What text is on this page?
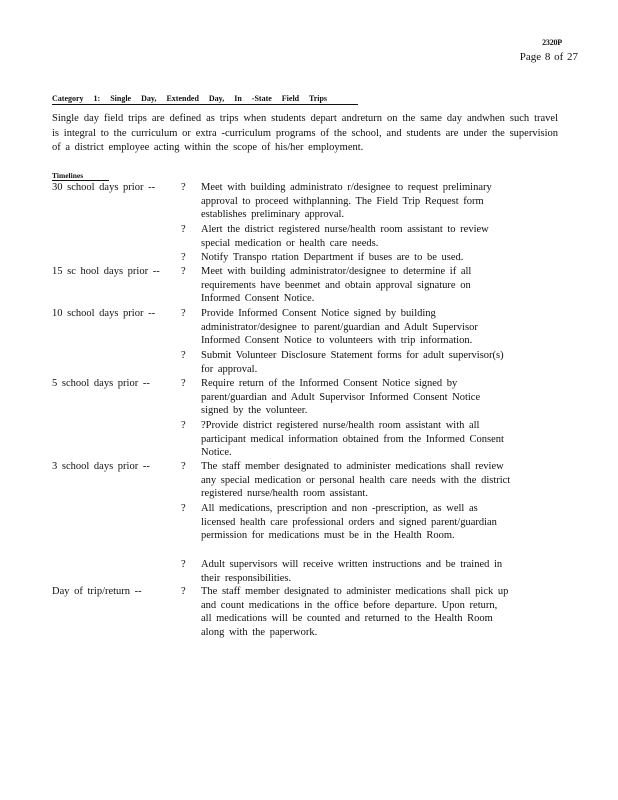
2320P
Page 8 of 27
Category 1: Single Day, Extended Day, In -State Field Trips
Single day field trips are defined as trips when students depart andreturn on the same day andwhen such travel is integral to the curriculum or extra -curriculum programs of the school, and students are under the supervision of a district employee acting within the scope of his/her employment.
Timelines
30 school days prior -- ? Meet with building administrato r/designee to request preliminary approval to proceed withplanning. The Field Trip Request form establishes preliminary approval.
? Alert the district registered nurse/health room assistant to review special medication or health care needs.
? Notify Transpo rtation Department if buses are to be used.
15 sc hool days prior -- ? Meet with building administrator/designee to determine if all requirements have beenmet and obtain approval signature on Informed Consent Notice.
10 school days prior -- ? Provide Informed Consent Notice signed by building administrator/designee to parent/guardian and Adult Supervisor Informed Consent Notice to volunteers with trip information.
? Submit Volunteer Disclosure Statement forms for adult supervisor(s) for approval.
5 school days prior --	? Require return of the Informed Consent Notice signed by parent/guardian and Adult Supervisor Informed Consent Notice signed by the volunteer.
? ?Provide district registered nurse/health room assistant with all participant medical information obtained from the Informed Consent Notice.
3 school days prior --	? The staff member designated to administer medications shall review any special medication or personal health care needs with the district registered nurse/health room assistant.
? All medications, prescription and non -prescription, as well as licensed health care professional orders and signed parent/guardian permission for medications must be in the Health Room.
? Adult supervisors will receive written instructions and be trained in their responsibilities.
Day of trip/return --	? The staff member designated to administer medications shall pick up and count medications in the office before departure. Upon return, all medications will be counted and returned to the Health Room along with the paperwork.
